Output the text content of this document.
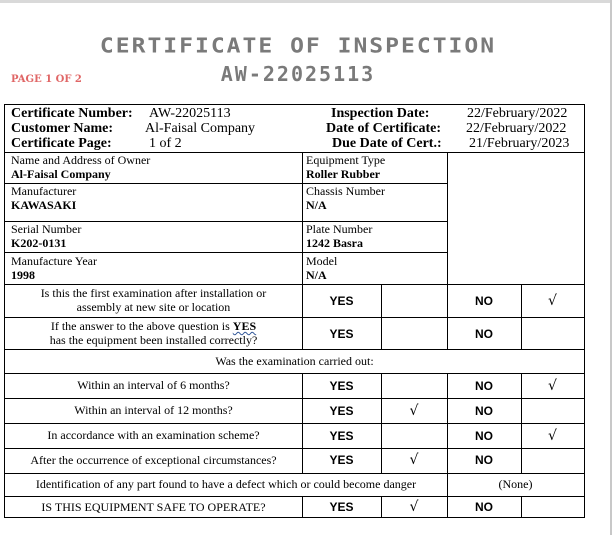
CERTIFICATE OF INSPECTION
AW-22025113
PAGE 1 OF 2
Certificate Number: AW-22025113
Customer Name: Al-Faisal Company
Certificate Page:	1 of 2
Inspection Date:	22/February/2022
Date of Certificate: 22/February/2022
Due Date of Cert.: 21/February/2023
Name and Address of Owner
Al-Faisal Company
Equipment Type
Roller Rubber
Manufacturer
KAWASAKI
Chassis Number
N/A
Serial Number
K202-0131
Plate Number
1242 Basra
Manufacture Year
1998
Model
N/A
Is this the first examination after installation or
assembly at new site or location	YES	NO	√
If the answer to the above question is YES
has the equipment been installed correctly?	YES	NO
Was the examination carried out:
Within an interval of 6 months?	YES	NO	√
Within an interval of 12 months?	YES	√	NO
In accordance with an examination scheme?	YES	NO	√
After the occurrence of exceptional circumstances?	YES	√	NO
Identification of any part found to have a defect which or could become danger	(None)
IS THIS EQUIPMENT SAFE TO OPERATE?	YES	√	NO
